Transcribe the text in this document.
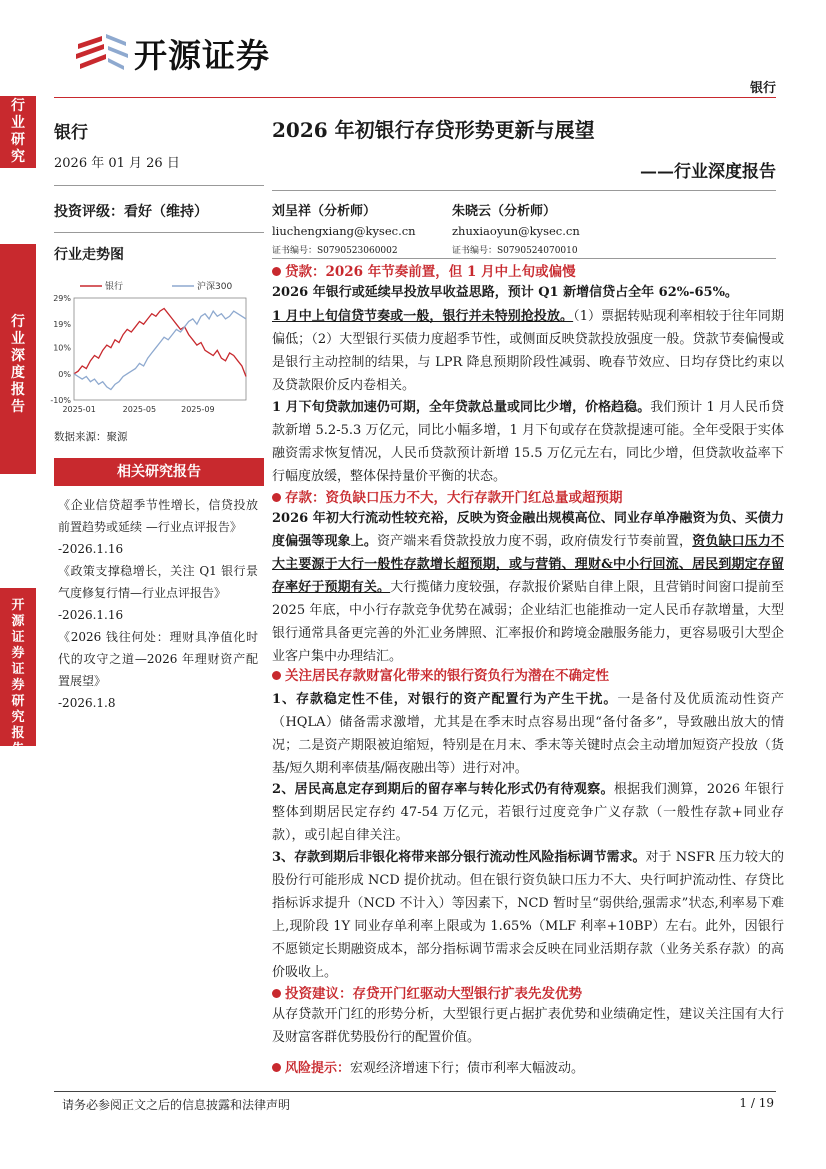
开源证券
银行
行业研究
行业深度报告
开源证券 证券研究报告
银行
2026 年 01 月 26 日
投资评级：看好（维持）
行业走势图
29%
19%
10%
0%
-10%
2025-01	2025-05	2025-09
银行	沪深300
数据来源：聚源
相关研究报告
《企业信贷超季节性增长，信贷投放前置趋势或延续 —行业点评报告》
-2026.1.16
《政策支撑稳增长，关注 Q1 银行景气度修复行情—行业点评报告》
-2026.1.16
《2026 钱往何处：理财具净值化时代的攻守之道—2026 年理财资产配置展望》
-2026.1.8
2026 年初银行存贷形势更新与展望
——行业深度报告
刘呈祥（分析师）
liuchengxiang@kysec.cn
证书编号：S0790523060002
朱晓云（分析师）
zhuxiaoyun@kysec.cn
证书编号：S0790524070010
贷款：2026 年节奏前置，但 1 月中上旬或偏慢
2026 年银行或延续早投放早收益思路，预计 Q1 新增信贷占全年 62%-65%。
1 月中上旬信贷节奏或一般，银行并未特别抢投放。（1）票据转贴现利率相较于往年同期偏低；（2）大型银行买债力度超季节性，或侧面反映贷款投放强度一般。贷款节奏偏慢或是银行主动控制的结果，与 LPR 降息预期阶段性减弱、晚春节效应、日均存贷比约束以及贷款限价反内卷相关。
1 月下旬贷款加速仍可期，全年贷款总量或同比少增，价格趋稳。我们预计 1 月人民币贷款新增 5.2-5.3 万亿元，同比小幅多增，1 月下旬或存在贷款提速可能。全年受限于实体融资需求恢复情况，人民币贷款预计新增 15.5 万亿元左右，同比少增，但贷款收益率下行幅度放缓，整体保持量价平衡的状态。
存款：资负缺口压力不大，大行存款开门红总量或超预期
2026 年初大行流动性较充裕，反映为资金融出规模高位、同业存单净融资为负、买债力度偏强等现象上。资产端来看贷款投放力度不弱，政府债发行节奏前置，资负缺口压力不大主要源于大行一般性存款增长超预期，或与营销、理财&中小行回流、居民到期定存留存率好于预期有关。大行揽储力度较强，存款报价紧贴自律上限，且营销时间窗口提前至 2025 年底，中小行存款竞争优势在减弱；企业结汇也能推动一定人民币存款增量，大型银行通常具备更完善的外汇业务牌照、汇率报价和跨境金融服务能力，更容易吸引大型企业客户集中办理结汇。
关注居民存款财富化带来的银行资负行为潜在不确定性
1、存款稳定性不佳，对银行的资产配置行为产生干扰。一是备付及优质流动性资产（HQLA）储备需求激增，尤其是在季末时点容易出现“备付备多”，导致融出放大的情况；二是资产期限被迫缩短，特别是在月末、季末等关键时点会主动增加短资产投放（货基/短久期利率债基/隔夜融出等）进行对冲。
2、居民高息定存到期后的留存率与转化形式仍有待观察。根据我们测算，2026 年银行整体到期居民定存约 47-54 万亿元，若银行过度竞争广义存款（一般性存款+同业存款），或引起自律关注。
3、存款到期后非银化将带来部分银行流动性风险指标调节需求。对于 NSFR 压力较大的股份行可能形成 NCD 提价扰动。但在银行资负缺口压力不大、央行呵护流动性、存贷比指标诉求提升（NCD 不计入）等因素下，NCD 暂时呈“弱供给,强需求”状态,利率易下难上,现阶段 1Y 同业存单利率上限或为 1.65%（MLF 利率+10BP）左右。此外，因银行不愿锁定长期融资成本，部分指标调节需求会反映在同业活期存款（业务关系存款）的高价吸收上。
投资建议：存贷开门红驱动大型银行扩表先发优势
从存贷款开门红的形势分析，大型银行更占据扩表优势和业绩确定性，建议关注国有大行及财富客群优势股份行的配置价值。
风险提示：宏观经济增速下行；债市利率大幅波动。
请务必参阅正文之后的信息披露和法律声明	1 / 19
